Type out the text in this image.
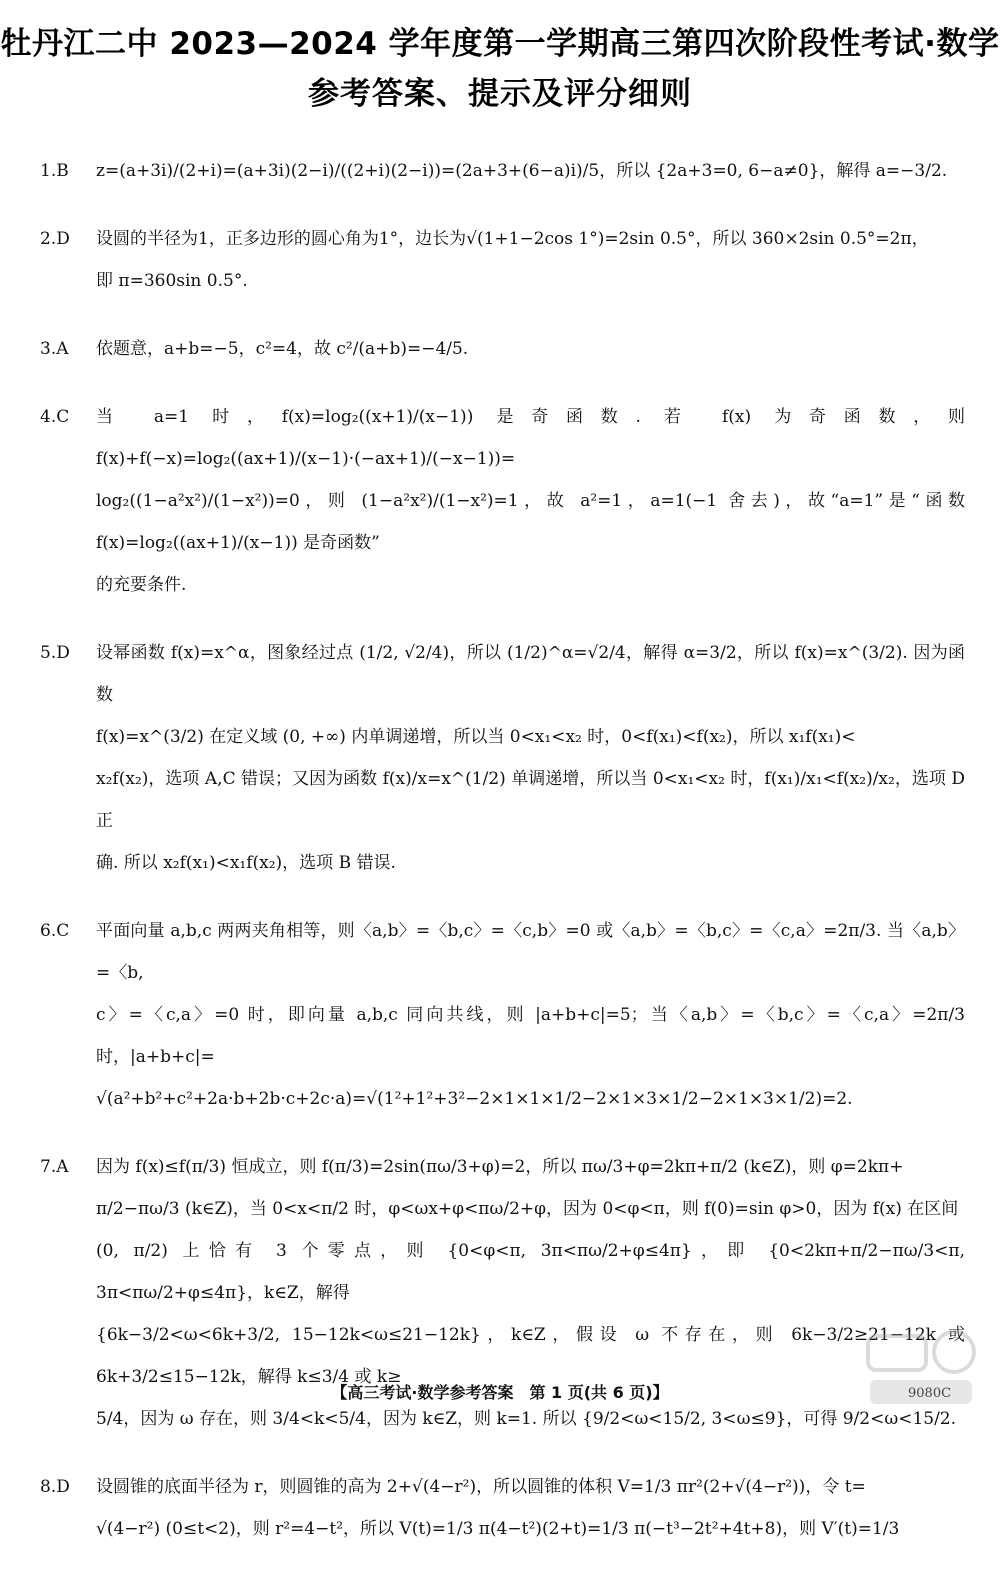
牡丹江二中 2023—2024 学年度第一学期高三第四次阶段性考试·数学
参考答案、提示及评分细则
1.B	z=(a+3i)/(2+i)=(a+3i)(2−i)/((2+i)(2−i))=(2a+3+(6−a)i)/5，所以 {2a+3=0, 6−a≠0}，解得 a=−3/2.

2.D	设圆的半径为1，正多边形的圆心角为1°，边长为√(1+1−2cos 1°)=2sin 0.5°，所以 360×2sin 0.5°=2π，

即 π=360sin 0.5°.

3.A	依题意，a+b=−5，c²=4，故 c²/(a+b)=−4/5.

4.C	当 a=1 时，f(x)=log₂((x+1)/(x−1)) 是奇函数. 若 f(x) 为奇函数，则 f(x)+f(−x)=log₂((ax+1)/(x−1)·(−ax+1)/(−x−1))=

log₂((1−a²x²)/(1−x²))=0，则 (1−a²x²)/(1−x²)=1，故 a²=1，a=1(−1 舍去)，故“a=1”是“函数 f(x)=log₂((ax+1)/(x−1)) 是奇函数”

的充要条件.

5.D	设幂函数 f(x)=x^α，图象经过点 (1/2, √2/4)，所以 (1/2)^α=√2/4，解得 α=3/2，所以 f(x)=x^(3/2). 因为函数

f(x)=x^(3/2) 在定义域 (0, +∞) 内单调递增，所以当 0<x₁<x₂ 时，0<f(x₁)<f(x₂)，所以 x₁f(x₁)<

x₂f(x₂)，选项 A,C 错误；又因为函数 f(x)/x=x^(1/2) 单调递增，所以当 0<x₁<x₂ 时，f(x₁)/x₁<f(x₂)/x₂，选项 D 正

确. 所以 x₂f(x₁)<x₁f(x₂)，选项 B 错误.

6.C	平面向量 a,b,c 两两夹角相等，则〈a,b〉=〈b,c〉=〈c,b〉=0 或〈a,b〉=〈b,c〉=〈c,a〉=2π/3. 当〈a,b〉=〈b,

c〉=〈c,a〉=0 时，即向量 a,b,c 同向共线，则 |a+b+c|=5；当〈a,b〉=〈b,c〉=〈c,a〉=2π/3 时，|a+b+c|=

√(a²+b²+c²+2a·b+2b·c+2c·a)=√(1²+1²+3²−2×1×1×1/2−2×1×3×1/2−2×1×3×1/2)=2.

7.A	因为 f(x)≤f(π/3) 恒成立，则 f(π/3)=2sin(πω/3+φ)=2，所以 πω/3+φ=2kπ+π/2 (k∈Z)，则 φ=2kπ+

π/2−πω/3 (k∈Z)，当 0<x<π/2 时，φ<ωx+φ<πω/2+φ，因为 0<φ<π，则 f(0)=sin φ>0，因为 f(x) 在区间

(0, π/2) 上恰有 3 个零点，则 {0<φ<π, 3π<πω/2+φ≤4π}，即 {0<2kπ+π/2−πω/3<π, 3π<πω/2+φ≤4π}，k∈Z，解得

{6k−3/2<ω<6k+3/2, 15−12k<ω≤21−12k}，k∈Z，假设 ω 不存在，则 6k−3/2≥21−12k 或 6k+3/2≤15−12k，解得 k≤3/4 或 k≥

5/4，因为 ω 存在，则 3/4<k<5/4，因为 k∈Z，则 k=1. 所以 {9/2<ω<15/2, 3<ω≤9}，可得 9/2<ω<15/2.

8.D	设圆锥的底面半径为 r，则圆锥的高为 2+√(4−r²)，所以圆锥的体积 V=1/3 πr²(2+√(4−r²))，令 t=

√(4−r²) (0≤t<2)，则 r²=4−t²，所以 V(t)=1/3 π(4−t²)(2+t)=1/3 π(−t³−2t²+4t+8)，则 V′(t)=1/3

【高三考试·数学参考答案　第 1 页(共 6 页)】	9080C
